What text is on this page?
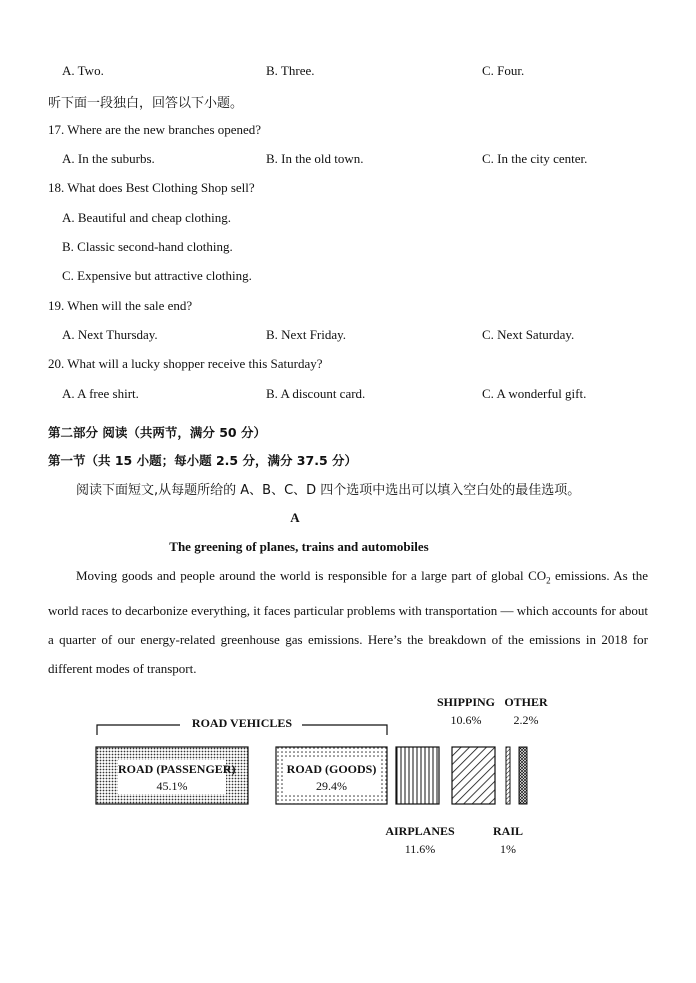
A. Two.	B. Three.	C. Four.
听下面一段独白，回答以下小题。
17. Where are the new branches opened?
A. In the suburbs.	B. In the old town.	C. In the city center.
18. What does Best Clothing Shop sell?
A. Beautiful and cheap clothing.
B. Classic second-hand clothing.
C. Expensive but attractive clothing.
19. When will the sale end?
A. Next Thursday.	B. Next Friday.	C. Next Saturday.
20. What will a lucky shopper receive this Saturday?
A. A free shirt.	B. A discount card.	C. A wonderful gift.
第二部分 阅读（共两节，满分 50 分）
第一节（共 15 小题；每小题 2.5 分，满分 37.5 分）
阅读下面短文,从每题所给的 A、B、C、D 四个选项中选出可以填入空白处的最佳选项。
A
The greening of planes, trains and automobiles
Moving goods and people around the world is responsible for a large part of global $CO_2$ emissions. As the world races to decarbonize everything, it faces particular problems with transportation — which accounts for about a quarter of our energy-related greenhouse gas emissions. Here’s the breakdown of the emissions in 2018 for different modes of transport.
ROAD VEHICLES
ROAD (PASSENGER)
45.1%
ROAD (GOODS)
29.4%
AIRPLANES
11.6%
SHIPPING
10.6%
RAIL
1%
OTHER
2.2%
